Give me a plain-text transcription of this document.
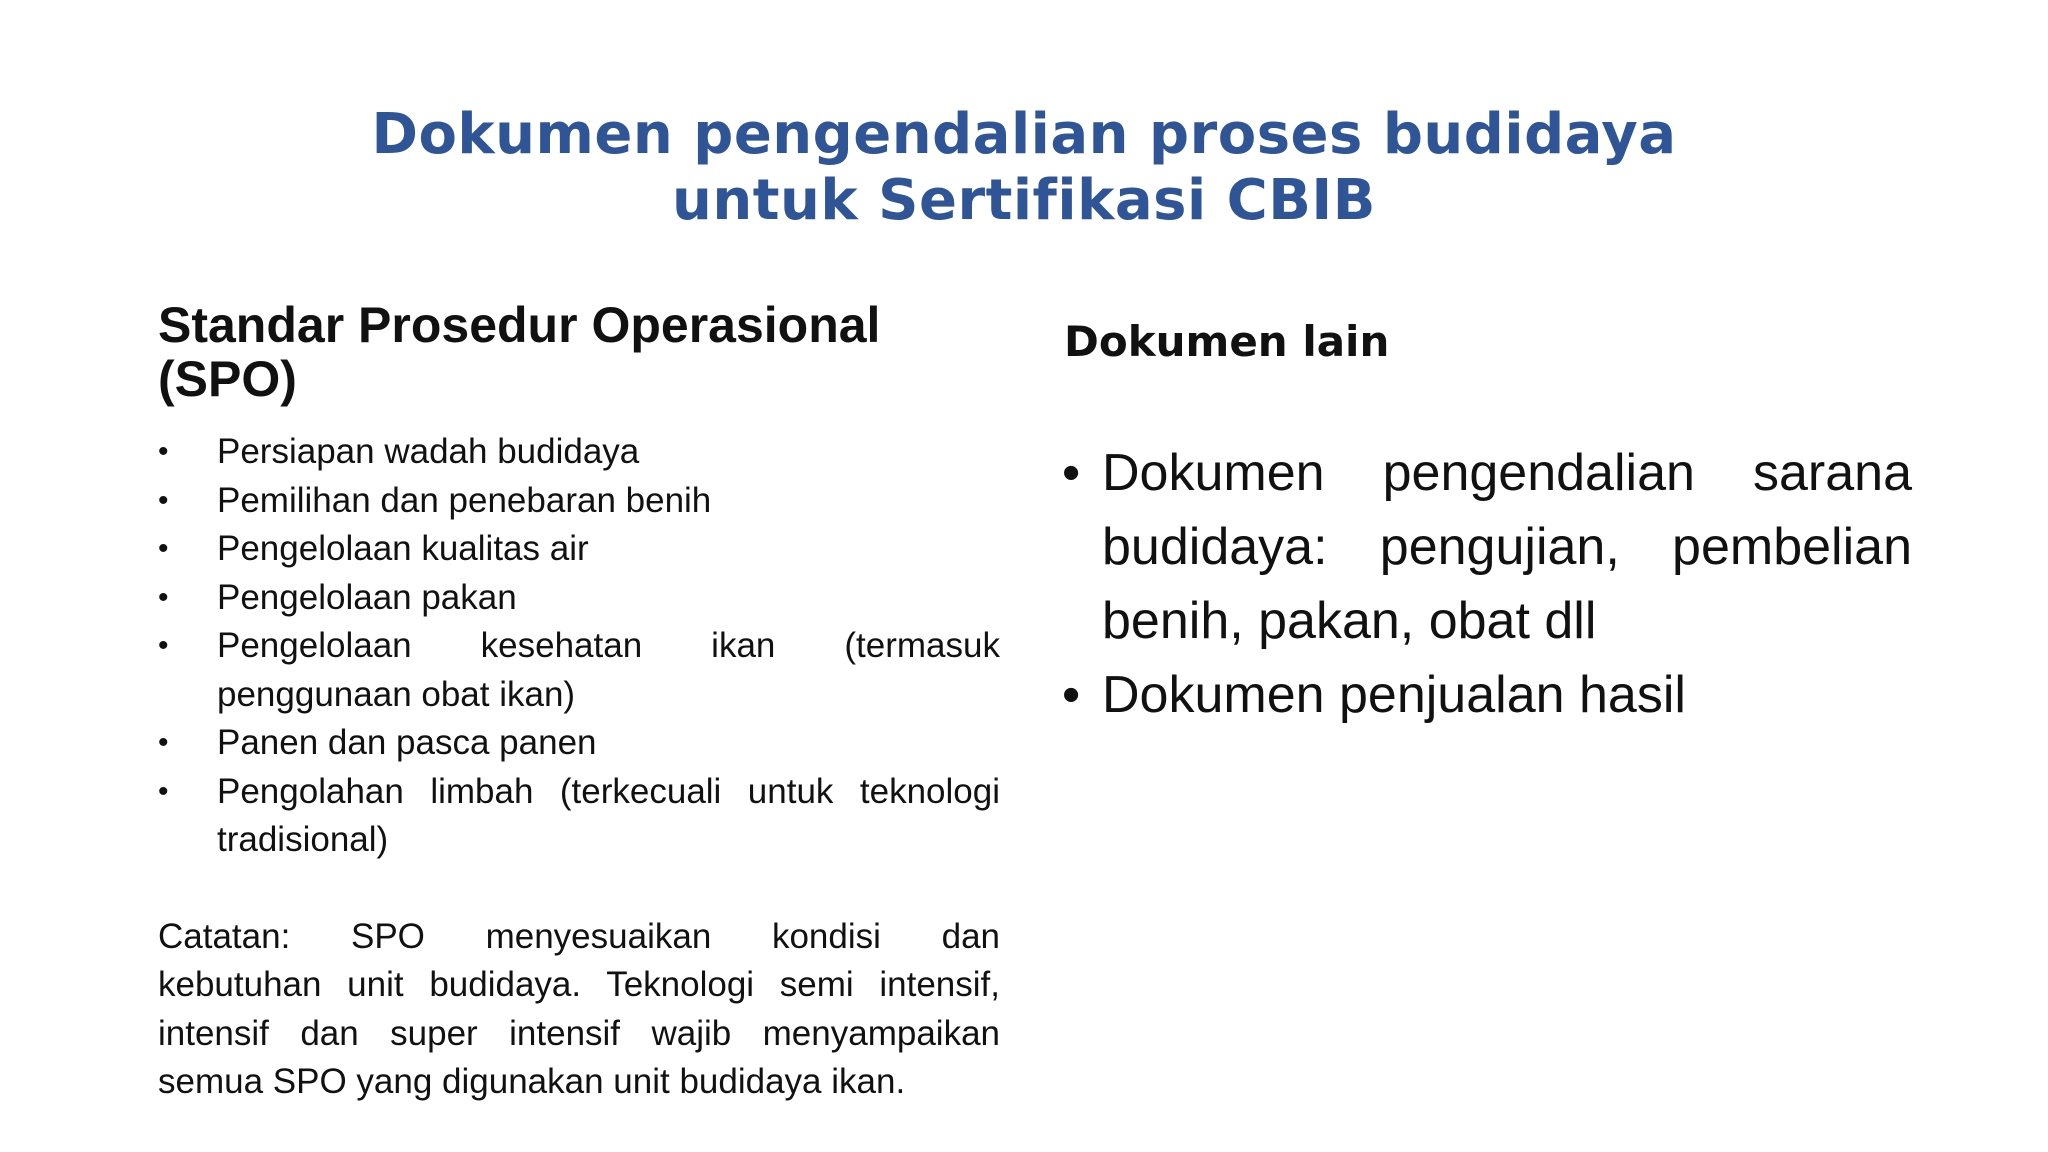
Dokumen pengendalian proses budidaya
untuk Sertifikasi CBIB
Standar Prosedur Operasional
(SPO)
• Persiapan wadah budidaya
• Pemilihan dan penebaran benih
• Pengelolaan kualitas air
• Pengelolaan pakan
• Pengelolaan kesehatan ikan (termasuk
penggunaan obat ikan)
• Panen dan pasca panen
• Pengolahan limbah (terkecuali untuk teknologi
tradisional)
Catatan: SPO menyesuaikan kondisi dan
kebutuhan unit budidaya. Teknologi semi intensif,
intensif dan super intensif wajib menyampaikan
semua SPO yang digunakan unit budidaya ikan.
Dokumen lain
• Dokumen pengendalian sarana
budidaya: pengujian, pembelian
benih, pakan, obat dll
• Dokumen penjualan hasil
